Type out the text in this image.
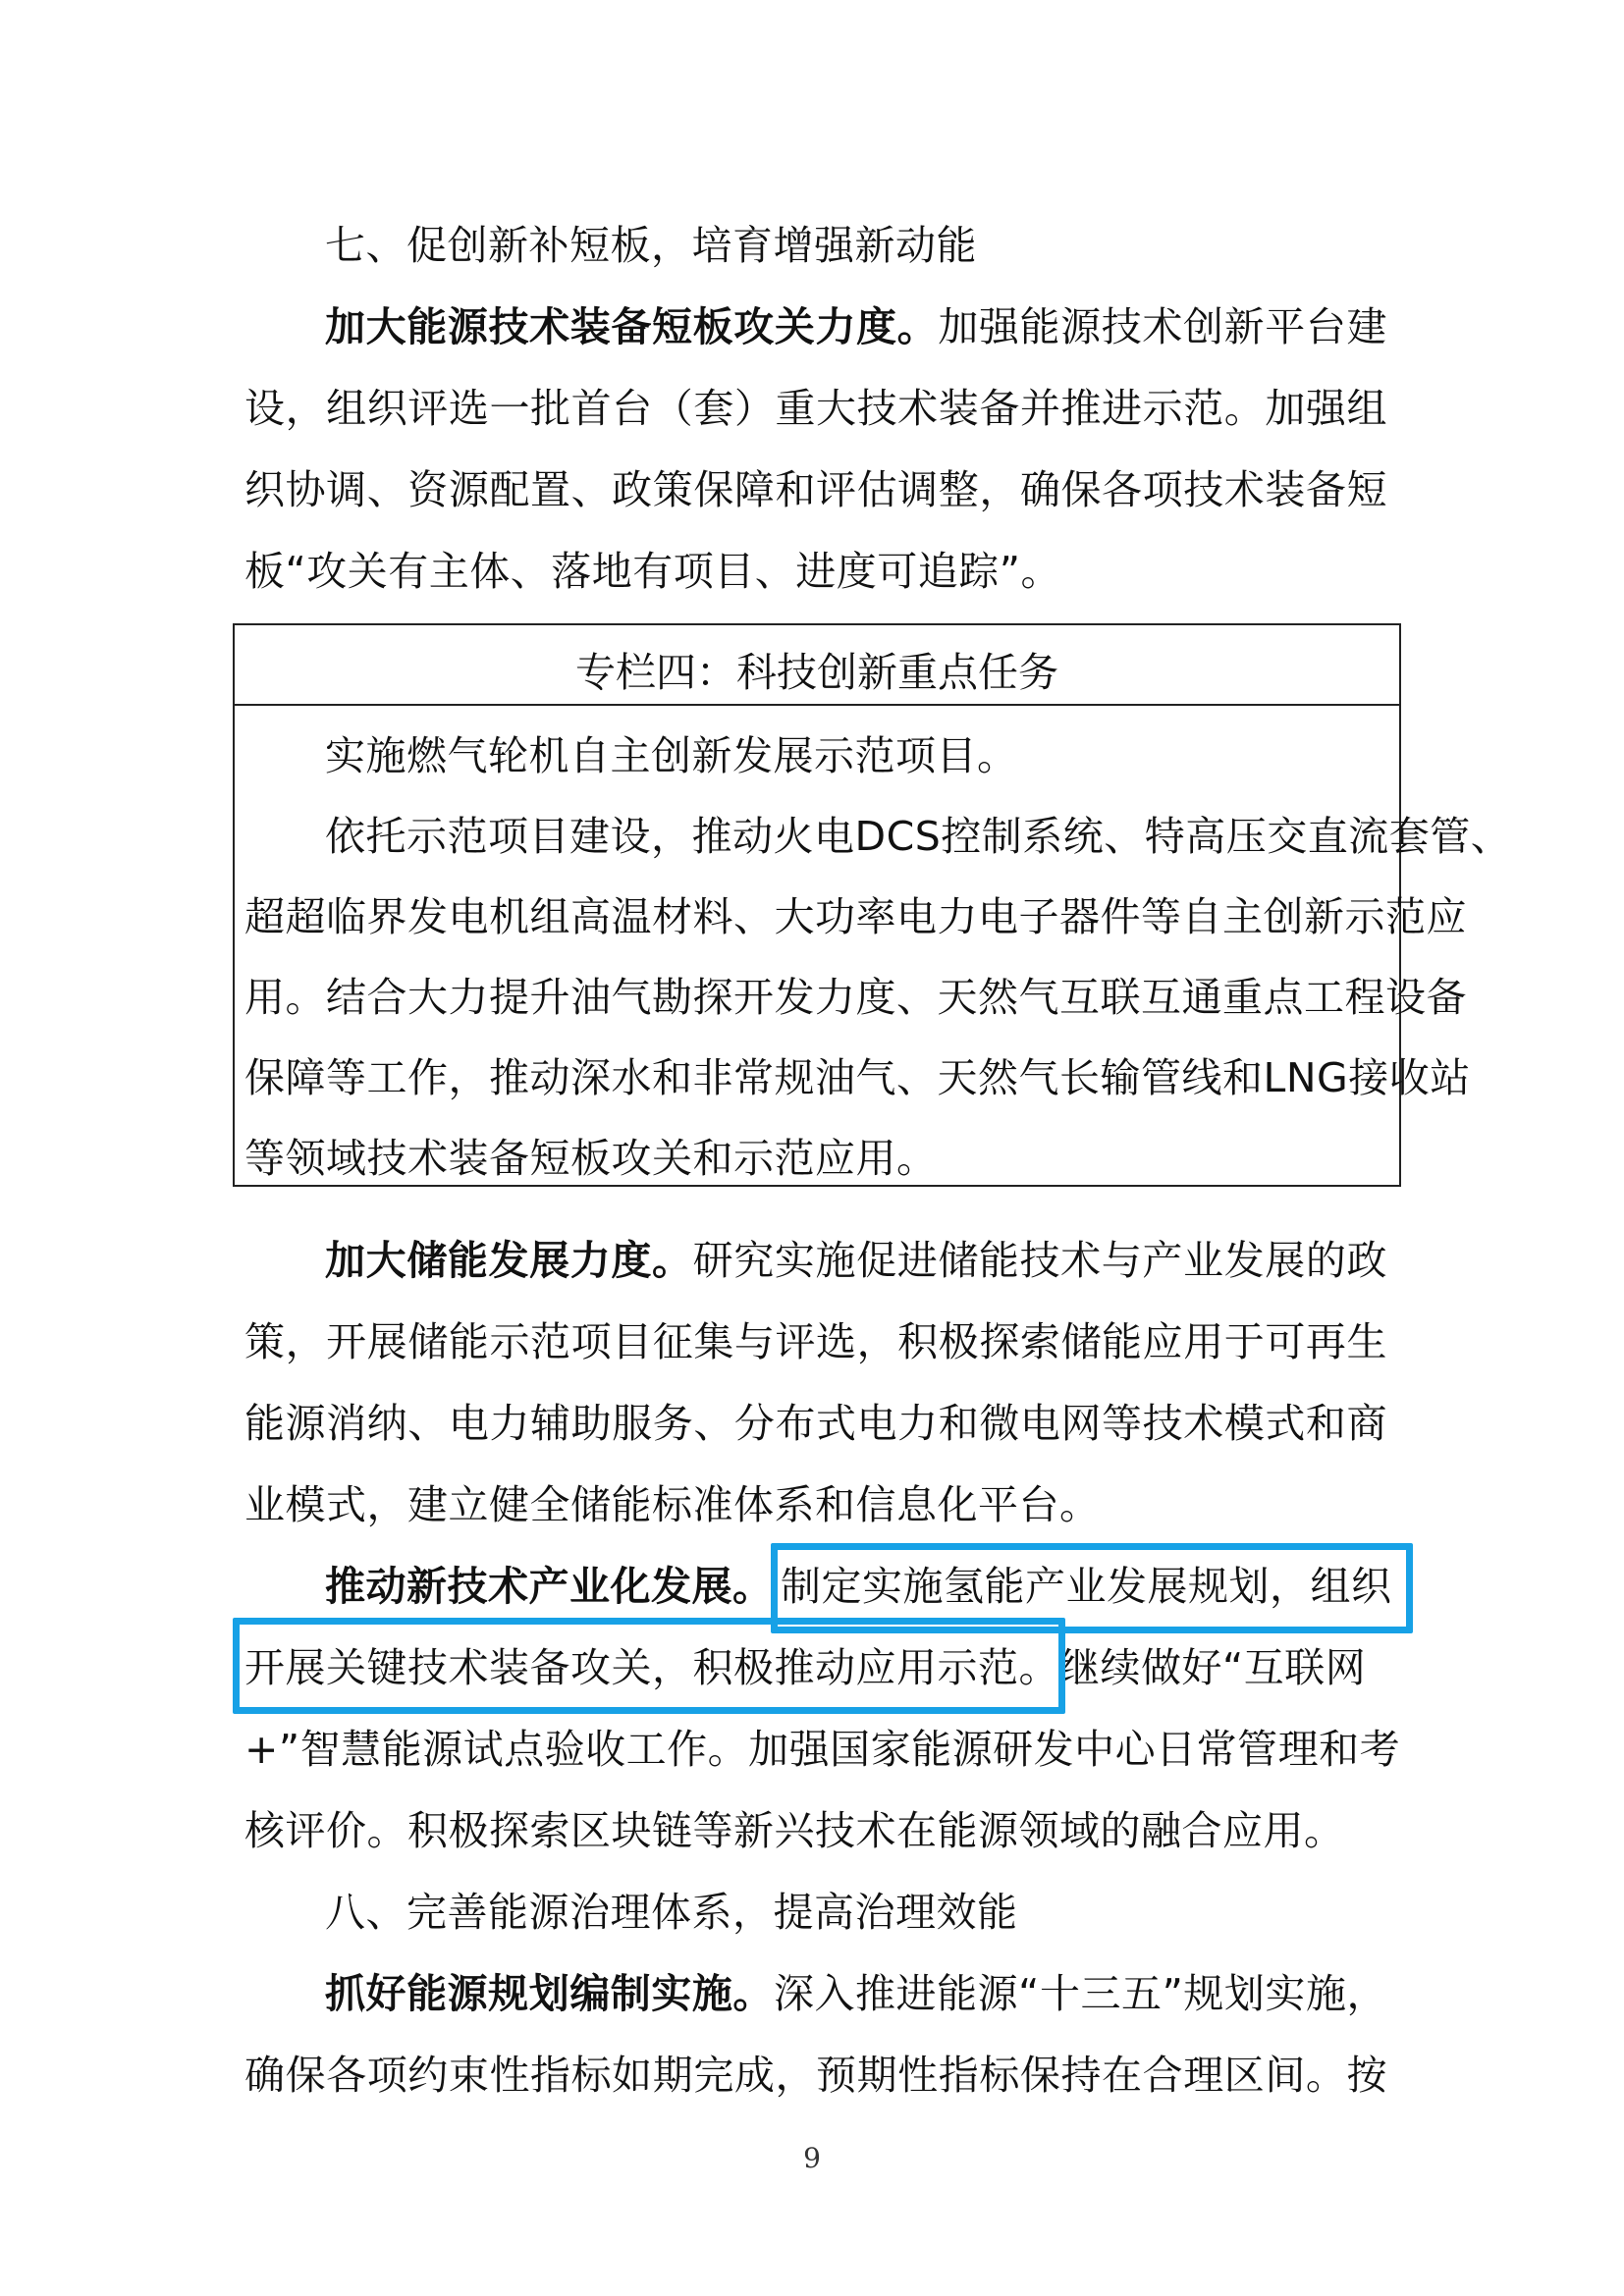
七、促创新补短板，培育增强新动能
加大能源技术装备短板攻关力度。加强能源技术创新平台建
设，组织评选一批首台（套）重大技术装备并推进示范。加强组
织协调、资源配置、政策保障和评估调整，确保各项技术装备短
板“攻关有主体、落地有项目、进度可追踪”。
专栏四：科技创新重点任务
实施燃气轮机自主创新发展示范项目。
依托示范项目建设，推动火电DCS控制系统、特高压交直流套管、
超超临界发电机组高温材料、大功率电力电子器件等自主创新示范应
用。结合大力提升油气勘探开发力度、天然气互联互通重点工程设备
保障等工作，推动深水和非常规油气、天然气长输管线和LNG接收站
等领域技术装备短板攻关和示范应用。
加大储能发展力度。研究实施促进储能技术与产业发展的政
策，开展储能示范项目征集与评选，积极探索储能应用于可再生
能源消纳、电力辅助服务、分布式电力和微电网等技术模式和商
业模式，建立健全储能标准体系和信息化平台。
推动新技术产业化发展。 制定实施氢能产业发展规划，组织
开展关键技术装备攻关，积极推动应用示范。继续做好“互联网
+”智慧能源试点验收工作。加强国家能源研发中心日常管理和考
核评价。积极探索区块链等新兴技术在能源领域的融合应用。
八、完善能源治理体系，提高治理效能
抓好能源规划编制实施。深入推进能源“十三五”规划实施，
确保各项约束性指标如期完成，预期性指标保持在合理区间。按
9
